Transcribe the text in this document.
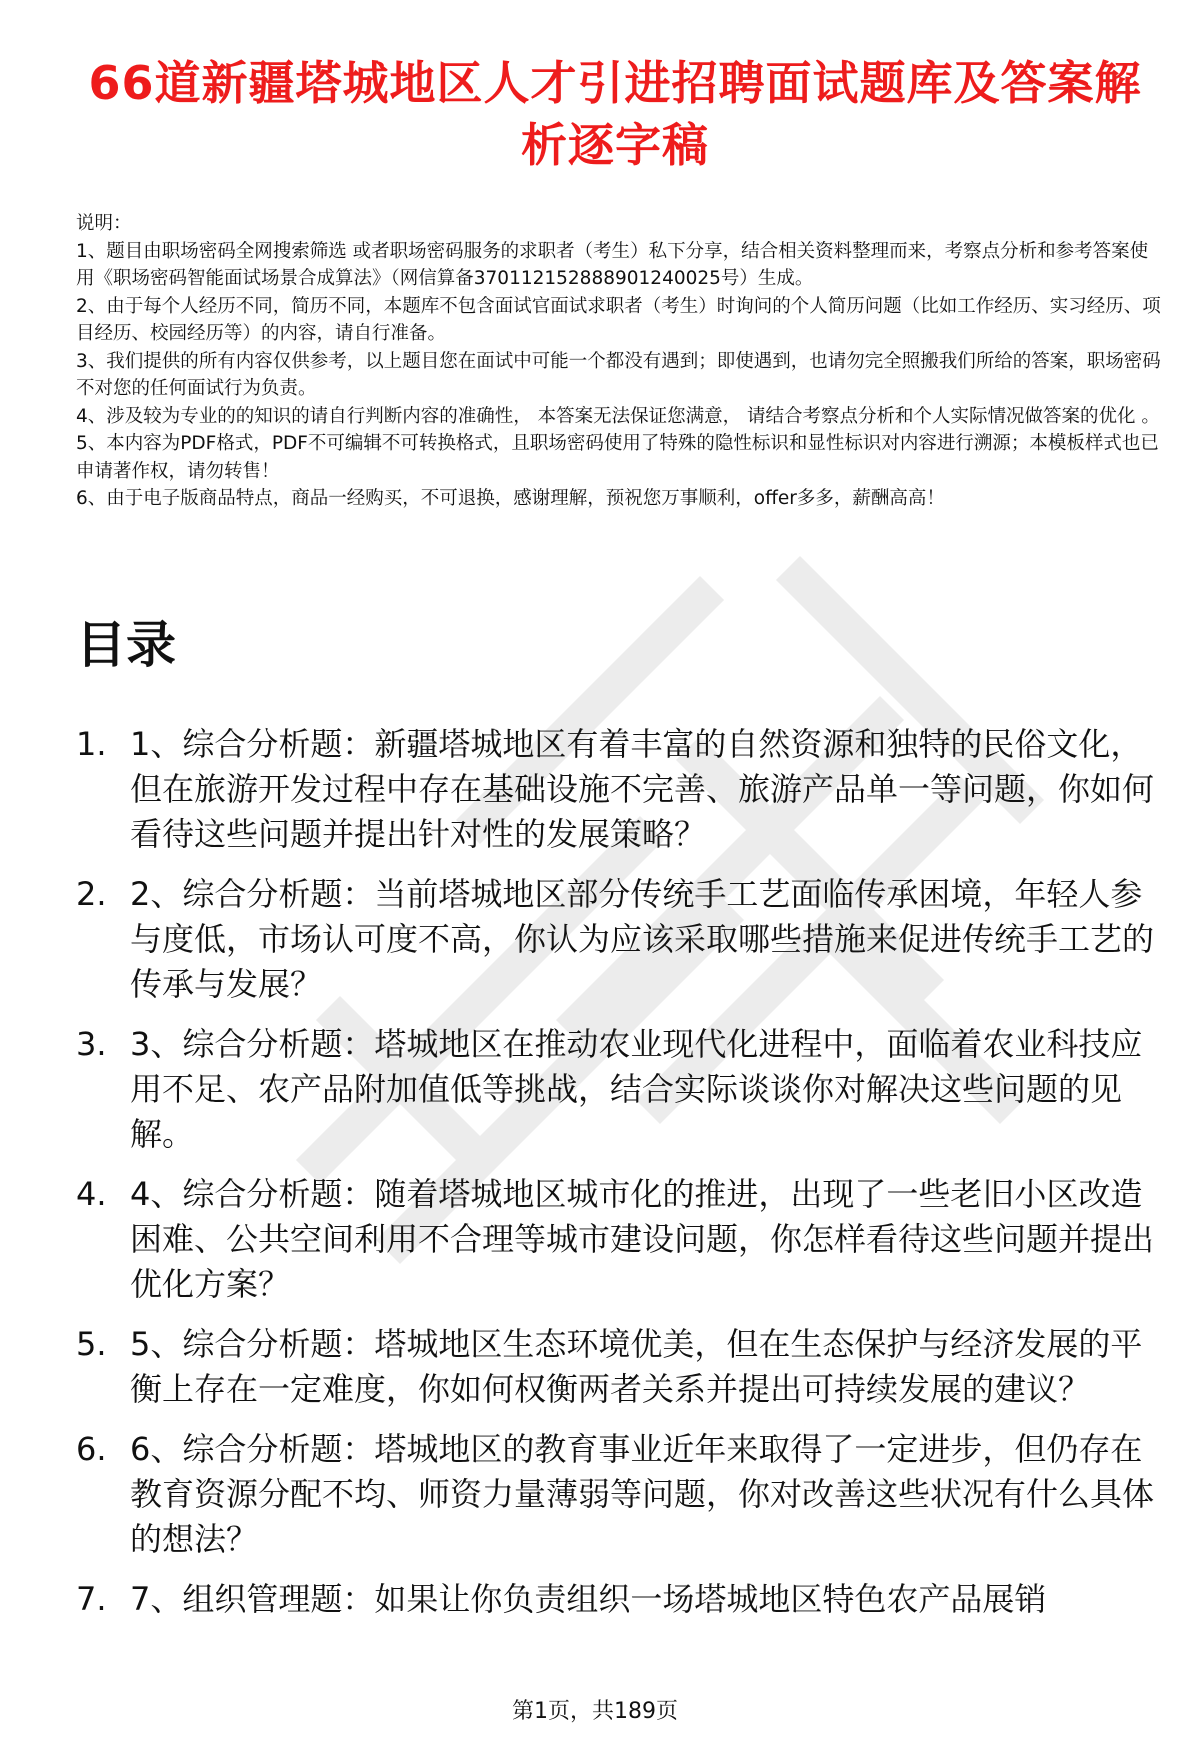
66道新疆塔城地区人才引进招聘面试题库及答案解析逐字稿

说明：

1、题目由职场密码全网搜索筛选 或者职场密码服务的求职者（考生）私下分享，结合相关资料整理而来，考察点分析和参考答案使用《职场密码智能面试场景合成算法》（网信算备370112152888901240025号）生成。

2、由于每个人经历不同，简历不同，本题库不包含面试官面试求职者（考生）时询问的个人简历问题（比如工作经历、实习经历、项目经历、校园经历等）的内容，请自行准备。

3、我们提供的所有内容仅供参考，以上题目您在面试中可能一个都没有遇到；即使遇到，也请勿完全照搬我们所给的答案，职场密码不对您的任何面试行为负责。

4、涉及较为专业的的知识的请自行判断内容的准确性， 本答案无法保证您满意， 请结合考察点分析和个人实际情况做答案的优化 。

5、本内容为PDF格式，PDF不可编辑不可转换格式，且职场密码使用了特殊的隐性标识和显性标识对内容进行溯源；本模板样式也已申请著作权，请勿转售！

6、由于电子版商品特点，商品一经购买，不可退换，感谢理解，预祝您万事顺利，offer多多，薪酬高高！

目录
1. 1、综合分析题：新疆塔城地区有着丰富的自然资源和独特的民俗文化，但在旅游开发过程中存在基础设施不完善、旅游产品单一等问题，你如何看待这些问题并提出针对性的发展策略？
2. 2、综合分析题：当前塔城地区部分传统手工艺面临传承困境，年轻人参与度低，市场认可度不高，你认为应该采取哪些措施来促进传统手工艺的传承与发展？
3. 3、综合分析题：塔城地区在推动农业现代化进程中，面临着农业科技应用不足、农产品附加值低等挑战，结合实际谈谈你对解决这些问题的见解。
4. 4、综合分析题：随着塔城地区城市化的推进，出现了一些老旧小区改造困难、公共空间利用不合理等城市建设问题，你怎样看待这些问题并提出优化方案？
5. 5、综合分析题：塔城地区生态环境优美，但在生态保护与经济发展的平衡上存在一定难度，你如何权衡两者关系并提出可持续发展的建议？
6. 6、综合分析题：塔城地区的教育事业近年来取得了一定进步，但仍存在教育资源分配不均、师资力量薄弱等问题，你对改善这些状况有什么具体的想法？
7. 7、组织管理题：如果让你负责组织一场塔城地区特色农产品展销
第1页，共189页
